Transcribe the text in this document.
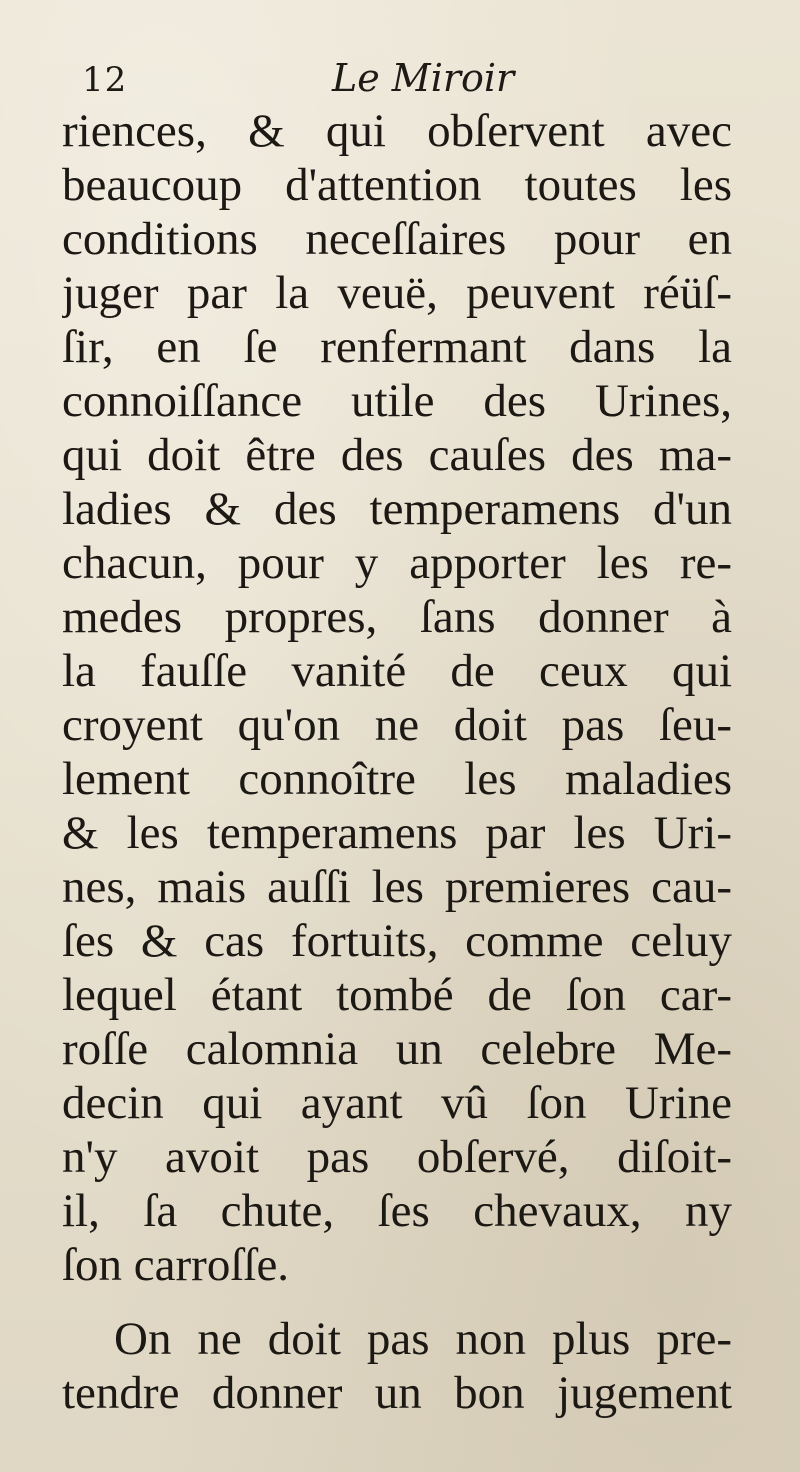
12	Le Miroir
riences, & qui obſervent avec
beaucoup d'attention toutes les
conditions neceſſaires pour en
juger par la veuë, peuvent réüſ-
ſir, en ſe renfermant dans la
connoiſſance utile des Urines,
qui doit être des cauſes des ma-
ladies & des temperamens d'un
chacun, pour y apporter les re-
medes propres, ſans donner à
la fauſſe vanité de ceux qui
croyent qu'on ne doit pas ſeu-
lement connoître les maladies
& les temperamens par les Uri-
nes, mais auſſi les premieres cau-
ſes & cas fortuits, comme celuy
lequel étant tombé de ſon car-
roſſe calomnia un celebre Me-
decin qui ayant vû ſon Urine
n'y avoit pas obſervé, diſoit-
il, ſa chute, ſes chevaux, ny
ſon carroſſe.
On ne doit pas non plus pre-
tendre donner un bon jugement
